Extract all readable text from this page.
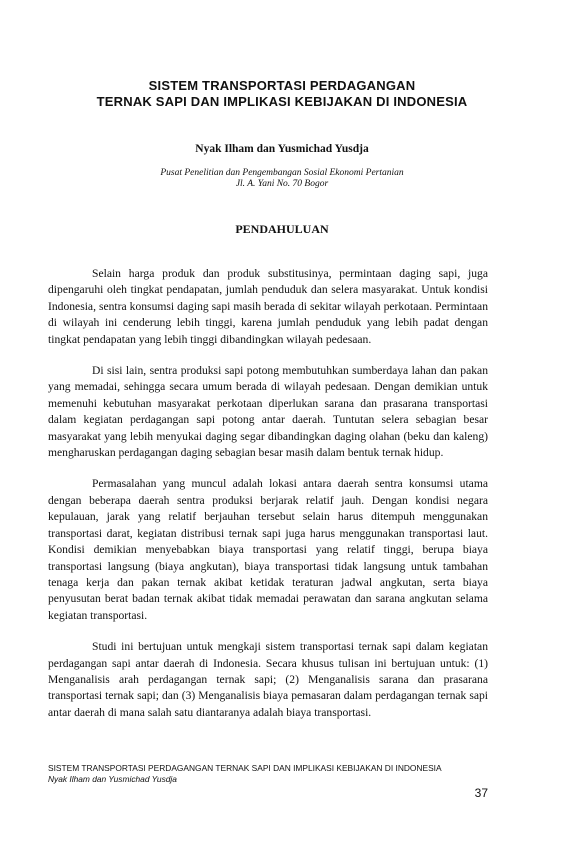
SISTEM TRANSPORTASI PERDAGANGAN
TERNAK SAPI DAN IMPLIKASI KEBIJAKAN DI INDONESIA
Nyak Ilham dan Yusmichad Yusdja
Pusat Penelitian dan Pengembangan Sosial Ekonomi Pertanian
Jl. A. Yani No. 70 Bogor
PENDAHULUAN

Selain harga produk dan produk substitusinya, permintaan daging sapi, juga dipengaruhi oleh tingkat pendapatan, jumlah penduduk dan selera masyarakat. Untuk kondisi Indonesia, sentra konsumsi daging sapi masih berada di sekitar wilayah perkotaan. Permintaan di wilayah ini cenderung lebih tinggi, karena jumlah penduduk yang lebih padat dengan tingkat pendapatan yang lebih tinggi dibandingkan wilayah pedesaan.

Di sisi lain, sentra produksi sapi potong membutuhkan sumberdaya lahan dan pakan yang memadai, sehingga secara umum berada di wilayah pedesaan. Dengan demikian untuk memenuhi kebutuhan masyarakat perkotaan diperlukan sarana dan prasarana transportasi dalam kegiatan perdagangan sapi potong antar daerah. Tuntutan selera sebagian besar masyarakat yang lebih menyukai daging segar dibandingkan daging olahan (beku dan kaleng) mengharuskan perdagangan daging sebagian besar masih dalam bentuk ternak hidup.

Permasalahan yang muncul adalah lokasi antara daerah sentra konsumsi utama dengan beberapa daerah sentra produksi berjarak relatif jauh. Dengan kondisi negara kepulauan, jarak yang relatif berjauhan tersebut selain harus ditempuh menggunakan transportasi darat, kegiatan distribusi ternak sapi juga harus menggunakan transportasi laut. Kondisi demikian menyebabkan biaya transportasi yang relatif tinggi, berupa biaya transportasi langsung (biaya angkutan), biaya transportasi tidak langsung untuk tambahan tenaga kerja dan pakan ternak akibat ketidak teraturan jadwal angkutan, serta biaya penyusutan berat badan ternak akibat tidak memadai perawatan dan sarana angkutan selama kegiatan transportasi.

Studi ini bertujuan untuk mengkaji sistem transportasi ternak sapi dalam kegiatan perdagangan sapi antar daerah di Indonesia. Secara khusus tulisan ini bertujuan untuk: (1) Menganalisis arah perdagangan ternak sapi; (2) Menganalisis sarana dan prasarana transportasi ternak sapi; dan (3) Menganalisis biaya pemasaran dalam perdagangan ternak sapi antar daerah di mana salah satu diantaranya adalah biaya transportasi.

SISTEM TRANSPORTASI PERDAGANGAN TERNAK SAPI DAN IMPLIKASI KEBIJAKAN DI INDONESIA
Nyak Ilham dan Yusmichad Yusdja
37
